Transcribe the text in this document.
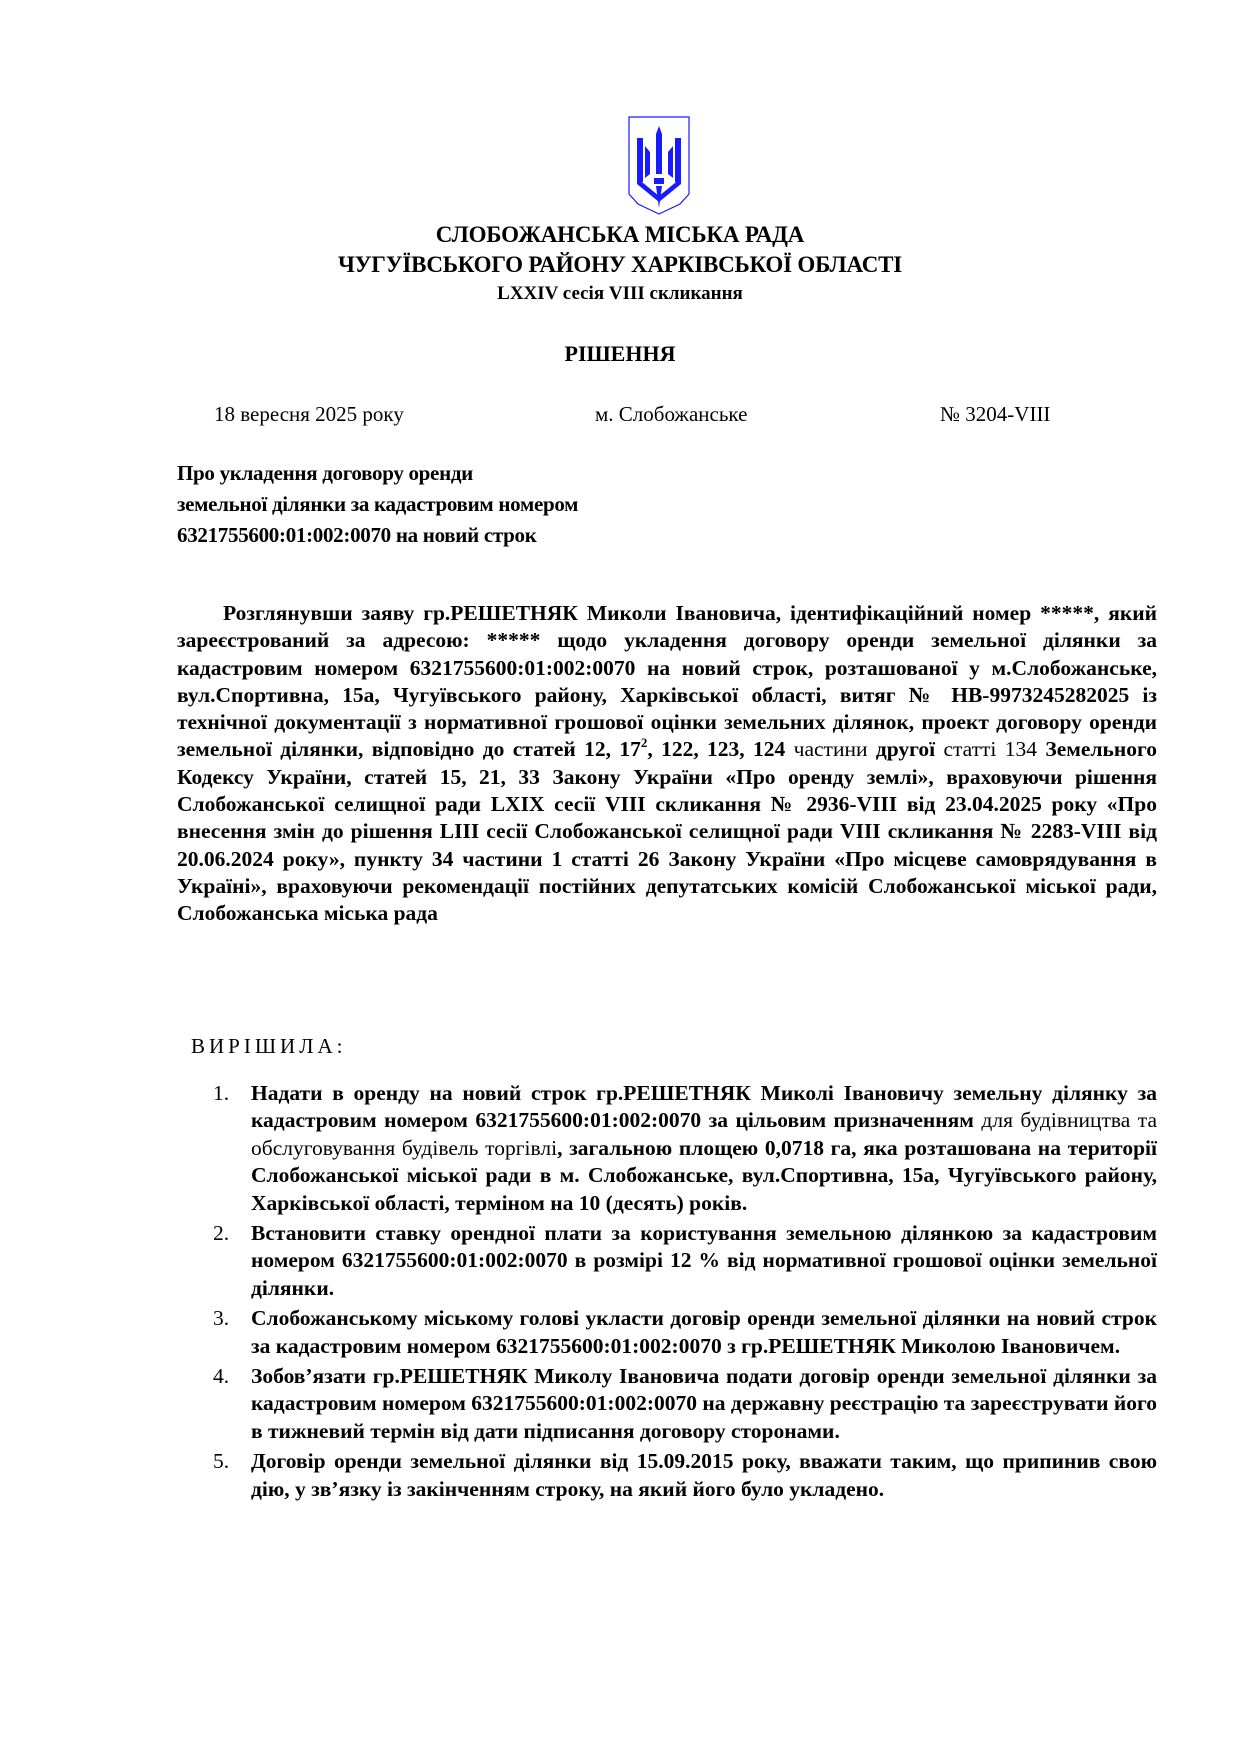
СЛОБОЖАНСЬКА МІСЬКА РАДА
ЧУГУЇВСЬКОГО РАЙОНУ ХАРКІВСЬКОЇ ОБЛАСТІ
LXXIV сесія VIII скликання
РІШЕННЯ
18 вересня 2025 року	м. Слобожанське	№ 3204-VIII
Про укладення договору оренди
земельної ділянки за кадастровим номером
6321755600:01:002:0070 на новий строк
Розглянувши заяву гр.РЕШЕТНЯК Миколи Івановича, ідентифікаційний номер *****, який зареєстрований за адресою: ***** щодо укладення договору оренди земельної ділянки за кадастровим номером 6321755600:01:002:0070 на новий строк, розташованої у м.Слобожанське, вул.Спортивна, 15а, Чугуївського району, Харківської області, витяг № НВ-9973245282025 із технічної документації з нормативної грошової оцінки земельних ділянок, проект договору оренди земельної ділянки, відповідно до статей 12, $17^2$, 122, 123, 124 частини другої статті 134 Земельного Кодексу України, статей 15, 21, 33 Закону України «Про оренду землі», враховуючи рішення Слобожанської селищної ради LXIX сесії VIII скликання № 2936-VIII від 23.04.2025 року «Про внесення змін до рішення LIII сесії Слобожанської селищної ради VIII скликання № 2283-VIII від 20.06.2024 року», пункту 34 частини 1 статті 26 Закону України «Про місцеве самоврядування в Україні», враховуючи рекомендації постійних депутатських комісій Слобожанської міської ради, Слобожанська міська рада
ВИРІШИЛА:
1. Надати в оренду на новий строк гр.РЕШЕТНЯК Миколі Івановичу земельну ділянку за кадастровим номером 6321755600:01:002:0070 за цільовим призначенням для будівництва та обслуговування будівель торгівлі, загальною площею 0,0718 га, яка розташована на території Слобожанської міської ради в м. Слобожанське, вул.Спортивна, 15а, Чугуївського району, Харківської області, терміном на 10 (десять) років.
2. Встановити ставку орендної плати за користування земельною ділянкою за кадастровим номером 6321755600:01:002:0070 в розмірі 12 % від нормативної грошової оцінки земельної ділянки.
3. Слобожанському міському голові укласти договір оренди земельної ділянки на новий строк за кадастровим номером 6321755600:01:002:0070 з гр.РЕШЕТНЯК Миколою Івановичем.
4. Зобов’язати гр.РЕШЕТНЯК Миколу Івановича подати договір оренди земельної ділянки за кадастровим номером 6321755600:01:002:0070 на державну реєстрацію та зареєструвати його в тижневий термін від дати підписання договору сторонами.
5. Договір оренди земельної ділянки від 15.09.2015 року, вважати таким, що припинив свою дію, у зв’язку із закінченням строку, на який його було укладено.
